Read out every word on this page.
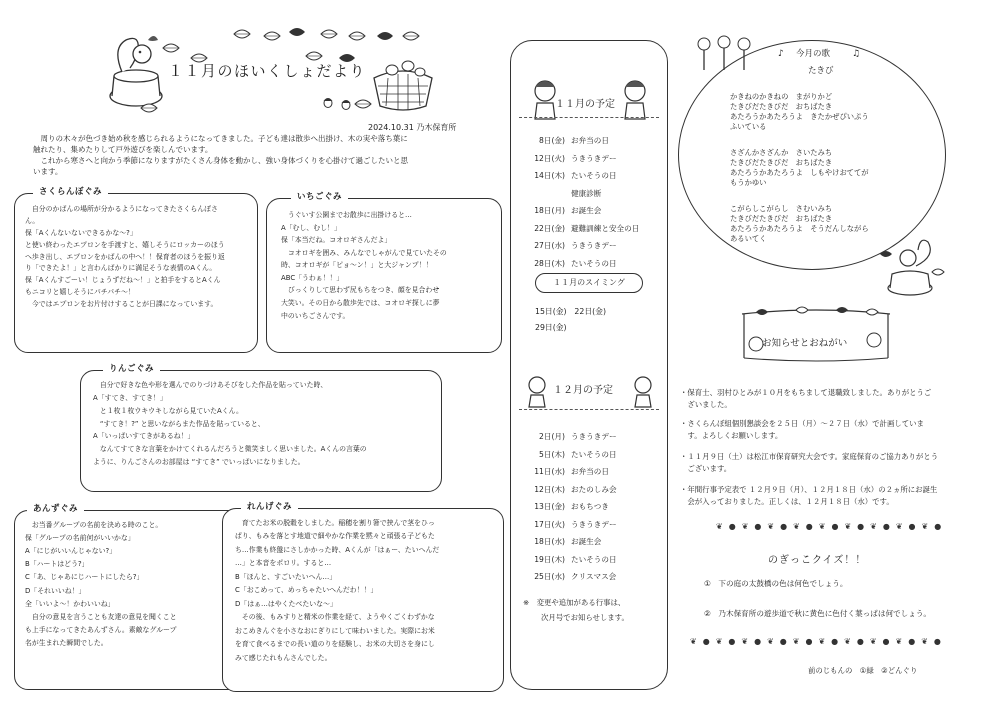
１１月のほいくしょだより
2024.10.31 乃木保育所
　周りの木々が色づき始め秋を感じられるようになってきました。子ども達は散歩へ出掛け、木の実や落ち葉に
触れたり、集めたりして戸外遊びを楽しんでいます。
　これから寒さへと向かう季節になりますがたくさん身体を動かし、強い身体づくりを心掛けて過ごしたいと思
います。
さくらんぼぐみ
　自分のかばんの場所が分かるようになってきたさくらんぼさ
ん。
保「Aくんないないできるかな～?」
と使い終わったエプロンを手渡すと、嬉しそうにロッカーのほう
へ歩き出し、エプロンをかばんの中へ！！保育者のほうを振り返
り「できたよ！」と言わんばかりに満足そうな表情のAくん。
保「Aくんすごーい！じょうずだね～！」と拍手をするとAくん
もニコリと嬉しそうにパチパチ～！
　今ではエプロンをお片付けすることが日課になっています。
いちごぐみ
　うぐいす公園までお散歩に出掛けると…
A「むし、むし！」
保「本当だね。コオロギさんだよ」
　コオロギを囲み、みんなでしゃがんで見ていたその
時、コオロギが「ピョ～ン！」と大ジャンプ！！
ABC「うわぁ！！」
　びっくりして思わず尻もちをつき、顔を見合わせ
大笑い。その日から散歩先では、コオロギ探しに夢
中のいちごさんです。
りんごぐみ
　自分で好きな色や形を選んでのりづけあそびをした作品を貼っていた時、
A「すてき、すてき！」
　と１枚１枚ウキウキしながら見ていたAくん。
　“すてき！?” と思いながらまた作品を貼っていると、
A「いっぱいすてきがあるね！」
　なんてすてきな言葉をかけてくれるんだろうと微笑ましく思いました。Aくんの言葉の
ように、りんごさんのお部屋は “すてき” でいっぱいになりました。
あんずぐみ
　お当番グループの名前を決める時のこと。
保「グループの名前何がいいかな」
A「にじがいいんじゃない?」
B「ハートはどう?」
C「あ、じゃあにじハートにしたら?」
D「それいいね！」
全「いいよ～！かわいいね」
　自分の意見を言うことも友達の意見を聞くこと
も上手になってきたあんずさん。素敵なグループ
名が生まれた瞬間でした。
れんげぐみ
　育てたお米の脱穀をしました。稲穂を割り箸で挟んで茎をひっ
ぱり、もみを落とす地道で細やかな作業を黙々と頑張る子どもた
ち…作業も終盤にさしかかった時、Aくんが「はぁー、たいへんだ
…」と本音をポロリ。すると…
B「ほんと、すごいたいへん…」
C「おこめって、めっちゃたいへんだわ！！」
D「はぁ…はやくたべたいな～」
　その後、もみすりと精米の作業を経て、ようやくごくわずかな
おこめきんぐを小さなおにぎりにして味わいました。実際にお米
を育て食べるまでの長い道のりを経験し、お米の大切さを身にし
みて感じたれもんさんでした。
１１月の予定
8日(金) お弁当の日
12日(火) うきうきデー
14日(木) たいそうの日
健康診断
18日(月) お誕生会
22日(金) 避難訓練と安全の日
27日(水) うきうきデー
28日(木) たいそうの日
１１月のスイミング
15日(金)　22日(金)
29日(金)
１２月の予定
2日(月) うきうきデー
5日(木) たいそうの日
11日(水) お弁当の日
12日(木) おたのしみ会
13日(金) おもちつき
17日(火) うきうきデー
18日(水) お誕生会
19日(木) たいそうの日
25日(水) クリスマス会
※　変更や追加がある行事は、
次月号でお知らせします。
♪ 今月の歌 ♫
たきび
かきねのかきねの　まがりかど
たきびだたきびだ　おちばたき
あたろうかあたろうよ　きたかぜぴいぷう
ふいている
さざんかさざんか　さいたみち
たきびだたきびだ　おちばたき
あたろうかあたろうよ　しもやけおててが
もうかゆい
こがらしこがらし　さむいみち
たきびだたきびだ　おちばたき
あたろうかあたろうよ　そうだんしながら
あるいてく
お知らせとおねがい
・保育士、羽村ひとみが１０月をもちまして退職致しました。ありがとうご
　ざいました。
・さくらんぼ組個別懇談会を２５日（月）～２７日（水）で計画していま
　す。よろしくお願いします。
・１１月９日（土）は松江市保育研究大会です。家庭保育のご協力ありがとう
　ございます。
・年間行事予定表で １２月９日（月）、１２月１８日（水）の２ヵ所にお誕生
　会が入っておりました。正しくは、１２月１８日（水）です。
❦ ● ❦ ● ❦ ● ❦ ● ❦ ● ❦ ● ❦ ● ❦ ● ❦ ●
のぎっこクイズ！！
①　下の庭の太鼓橋の色は何色でしょう。
②　乃木保育所の遊歩道で秋に黄色に色付く葉っぱは何でしょう。
❦ ● ❦ ● ❦ ● ❦ ● ❦ ● ❦ ● ❦ ● ❦ ● ❦ ● ❦ ●
前のじもんの　①緑　②どんぐり
